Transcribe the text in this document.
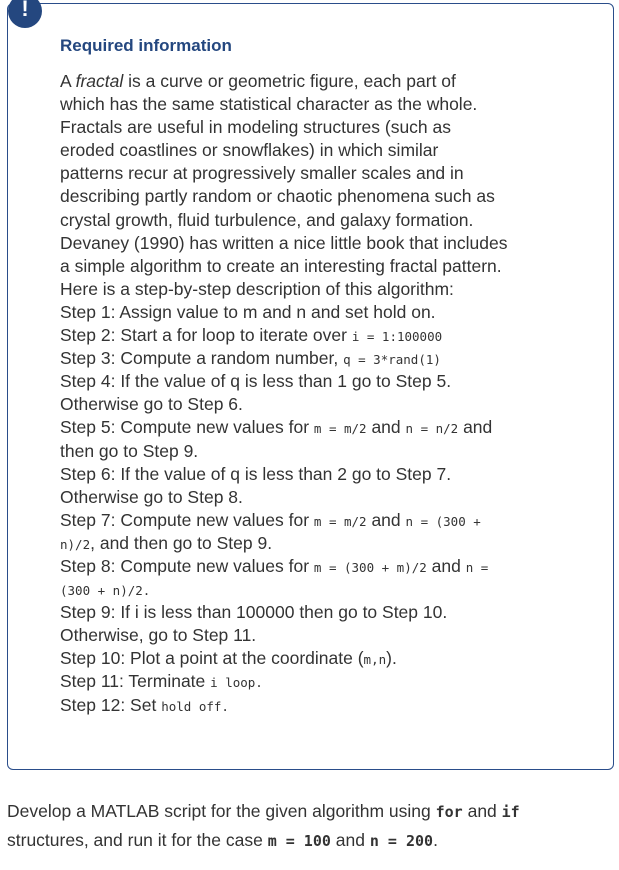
!
Required information
A fractal is a curve or geometric figure, each part of
which has the same statistical character as the whole.
Fractals are useful in modeling structures (such as
eroded coastlines or snowflakes) in which similar
patterns recur at progressively smaller scales and in
describing partly random or chaotic phenomena such as
crystal growth, fluid turbulence, and galaxy formation.
Devaney (1990) has written a nice little book that includes
a simple algorithm to create an interesting fractal pattern.
Here is a step-by-step description of this algorithm:
Step 1: Assign value to m and n and set hold on.
Step 2: Start a for loop to iterate over i = 1:100000
Step 3: Compute a random number, q = 3*rand(1)
Step 4: If the value of q is less than 1 go to Step 5.
Otherwise go to Step 6.
Step 5: Compute new values for m = m/2 and n = n/2 and
then go to Step 9.
Step 6: If the value of q is less than 2 go to Step 7.
Otherwise go to Step 8.
Step 7: Compute new values for m = m/2 and n = (300 +
n)/2, and then go to Step 9.
Step 8: Compute new values for m = (300 + m)/2 and n =
(300 + n)/2.
Step 9: If i is less than 100000 then go to Step 10.
Otherwise, go to Step 11.
Step 10: Plot a point at the coordinate (m,n).
Step 11: Terminate i loop.
Step 12: Set hold off.
Develop a MATLAB script for the given algorithm using for and if
structures, and run it for the case m = 100 and n = 200.
